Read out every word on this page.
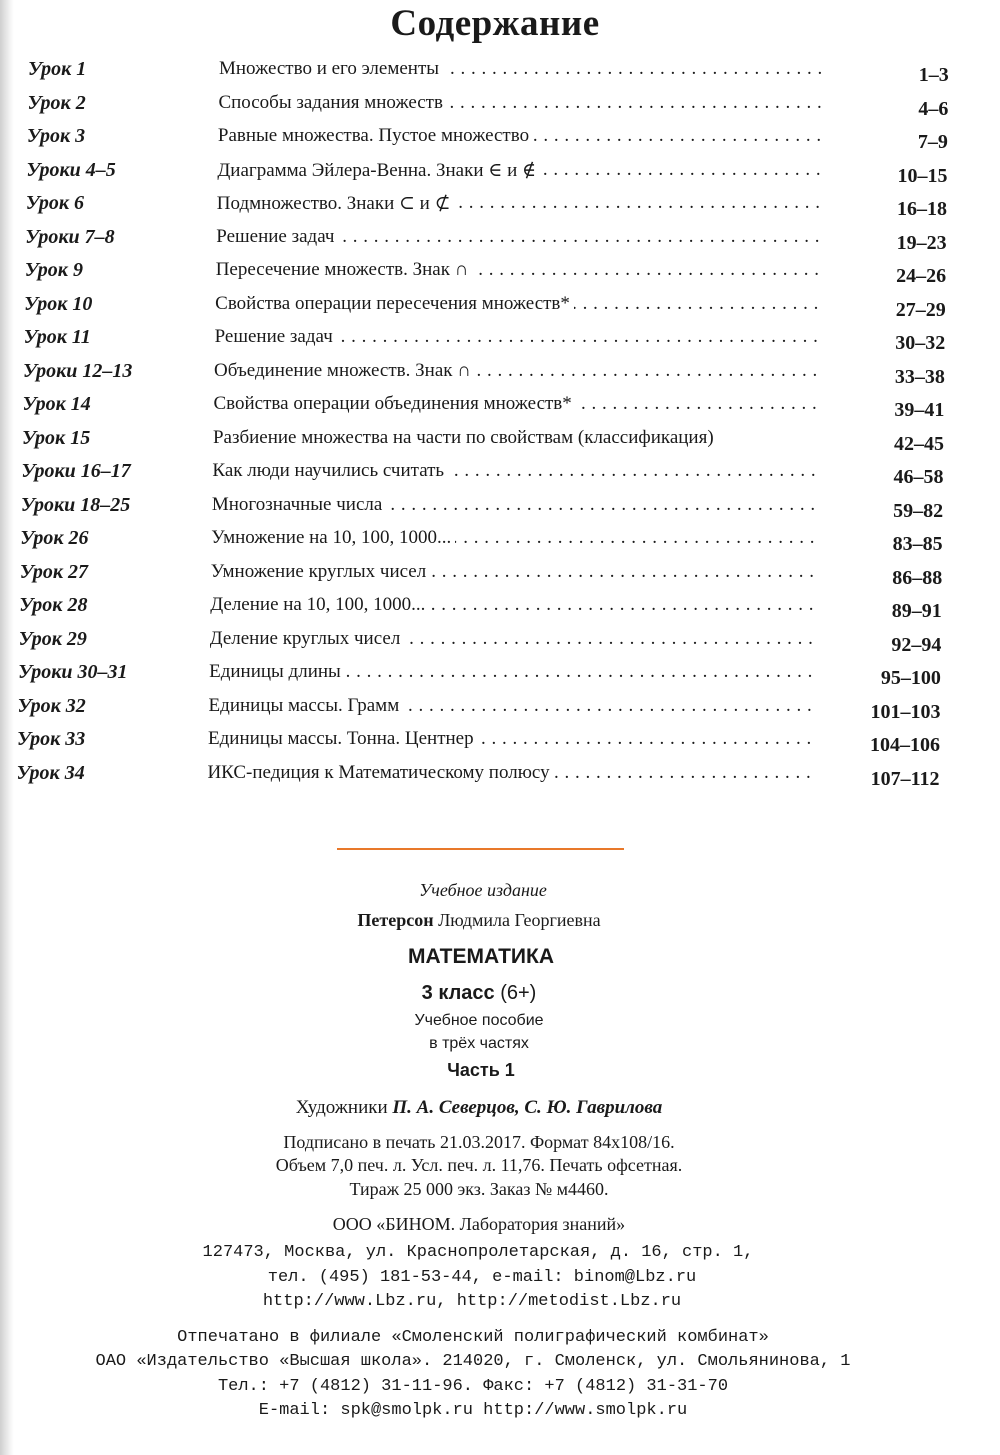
Содержание
Урок 1	Множество и его элементы . . .	1–3
Урок 2	Способы задания множеств . . .	4–6
Урок 3	Равные множества. Пустое множество . . .	7–9
Уроки 4–5	Диаграмма Эйлера-Венна. Знаки ∈ и ∉ . . .	10–15
Урок 6	Подмножество. Знаки ⊂ и ⊄ . . .	16–18
Уроки 7–8	Решение задач . . .	19–23
Урок 9	Пересечение множеств. Знак ∩ . . .	24–26
Урок 10	Свойства операции пересечения множеств* . . .	27–29
Урок 11	Решение задач . . .	30–32
Уроки 12–13	Объединение множеств. Знак ∩ . . .	33–38
Урок 14	Свойства операции объединения множеств* . . .	39–41
Урок 15	Разбиение множества на части по свойствам (классификация)	42–45
Уроки 16–17	Как люди научились считать . . .	46–58
Уроки 18–25	Многозначные числа . . .	59–82
Урок 26	Умножение на 10, 100, 1000... . . .	83–85
Урок 27	Умножение круглых чисел . . .	86–88
Урок 28	Деление на 10, 100, 1000... . . .	89–91
Урок 29	Деление круглых чисел . . .	92–94
Уроки 30–31	Единицы длины . . .	95–100
Урок 32	Единицы массы. Грамм . . .	101–103
Урок 33	Единицы массы. Тонна. Центнер . . .	104–106
Урок 34	ИКС-педиция к Математическому полюсу . . .	107–112
Учебное издание
Петерсон Людмила Георгиевна
МАТЕМАТИКА
3 класс (6+)
Учебное пособие
в трёх частях
Часть 1
Художники П. А. Северцов, С. Ю. Гаврилова
Подписано в печать 21.03.2017. Формат 84x108/16.
Объем 7,0 печ. л. Усл. печ. л. 11,76. Печать офсетная.
Тираж 25 000 экз. Заказ № м4460.
ООО «БИНОМ. Лаборатория знаний»
127473, Москва, ул. Краснопролетарская, д. 16, стр. 1,
тел. (495) 181-53-44, e-mail: binom@Lbz.ru
http://www.Lbz.ru, http://metodist.Lbz.ru
Отпечатано в филиале «Смоленский полиграфический комбинат»
ОАО «Издательство «Высшая школа». 214020, г. Смоленск, ул. Смольянинова, 1
Тел.: +7 (4812) 31-11-96. Факс: +7 (4812) 31-31-70
E-mail: spk@smolpk.ru http://www.smolpk.ru
